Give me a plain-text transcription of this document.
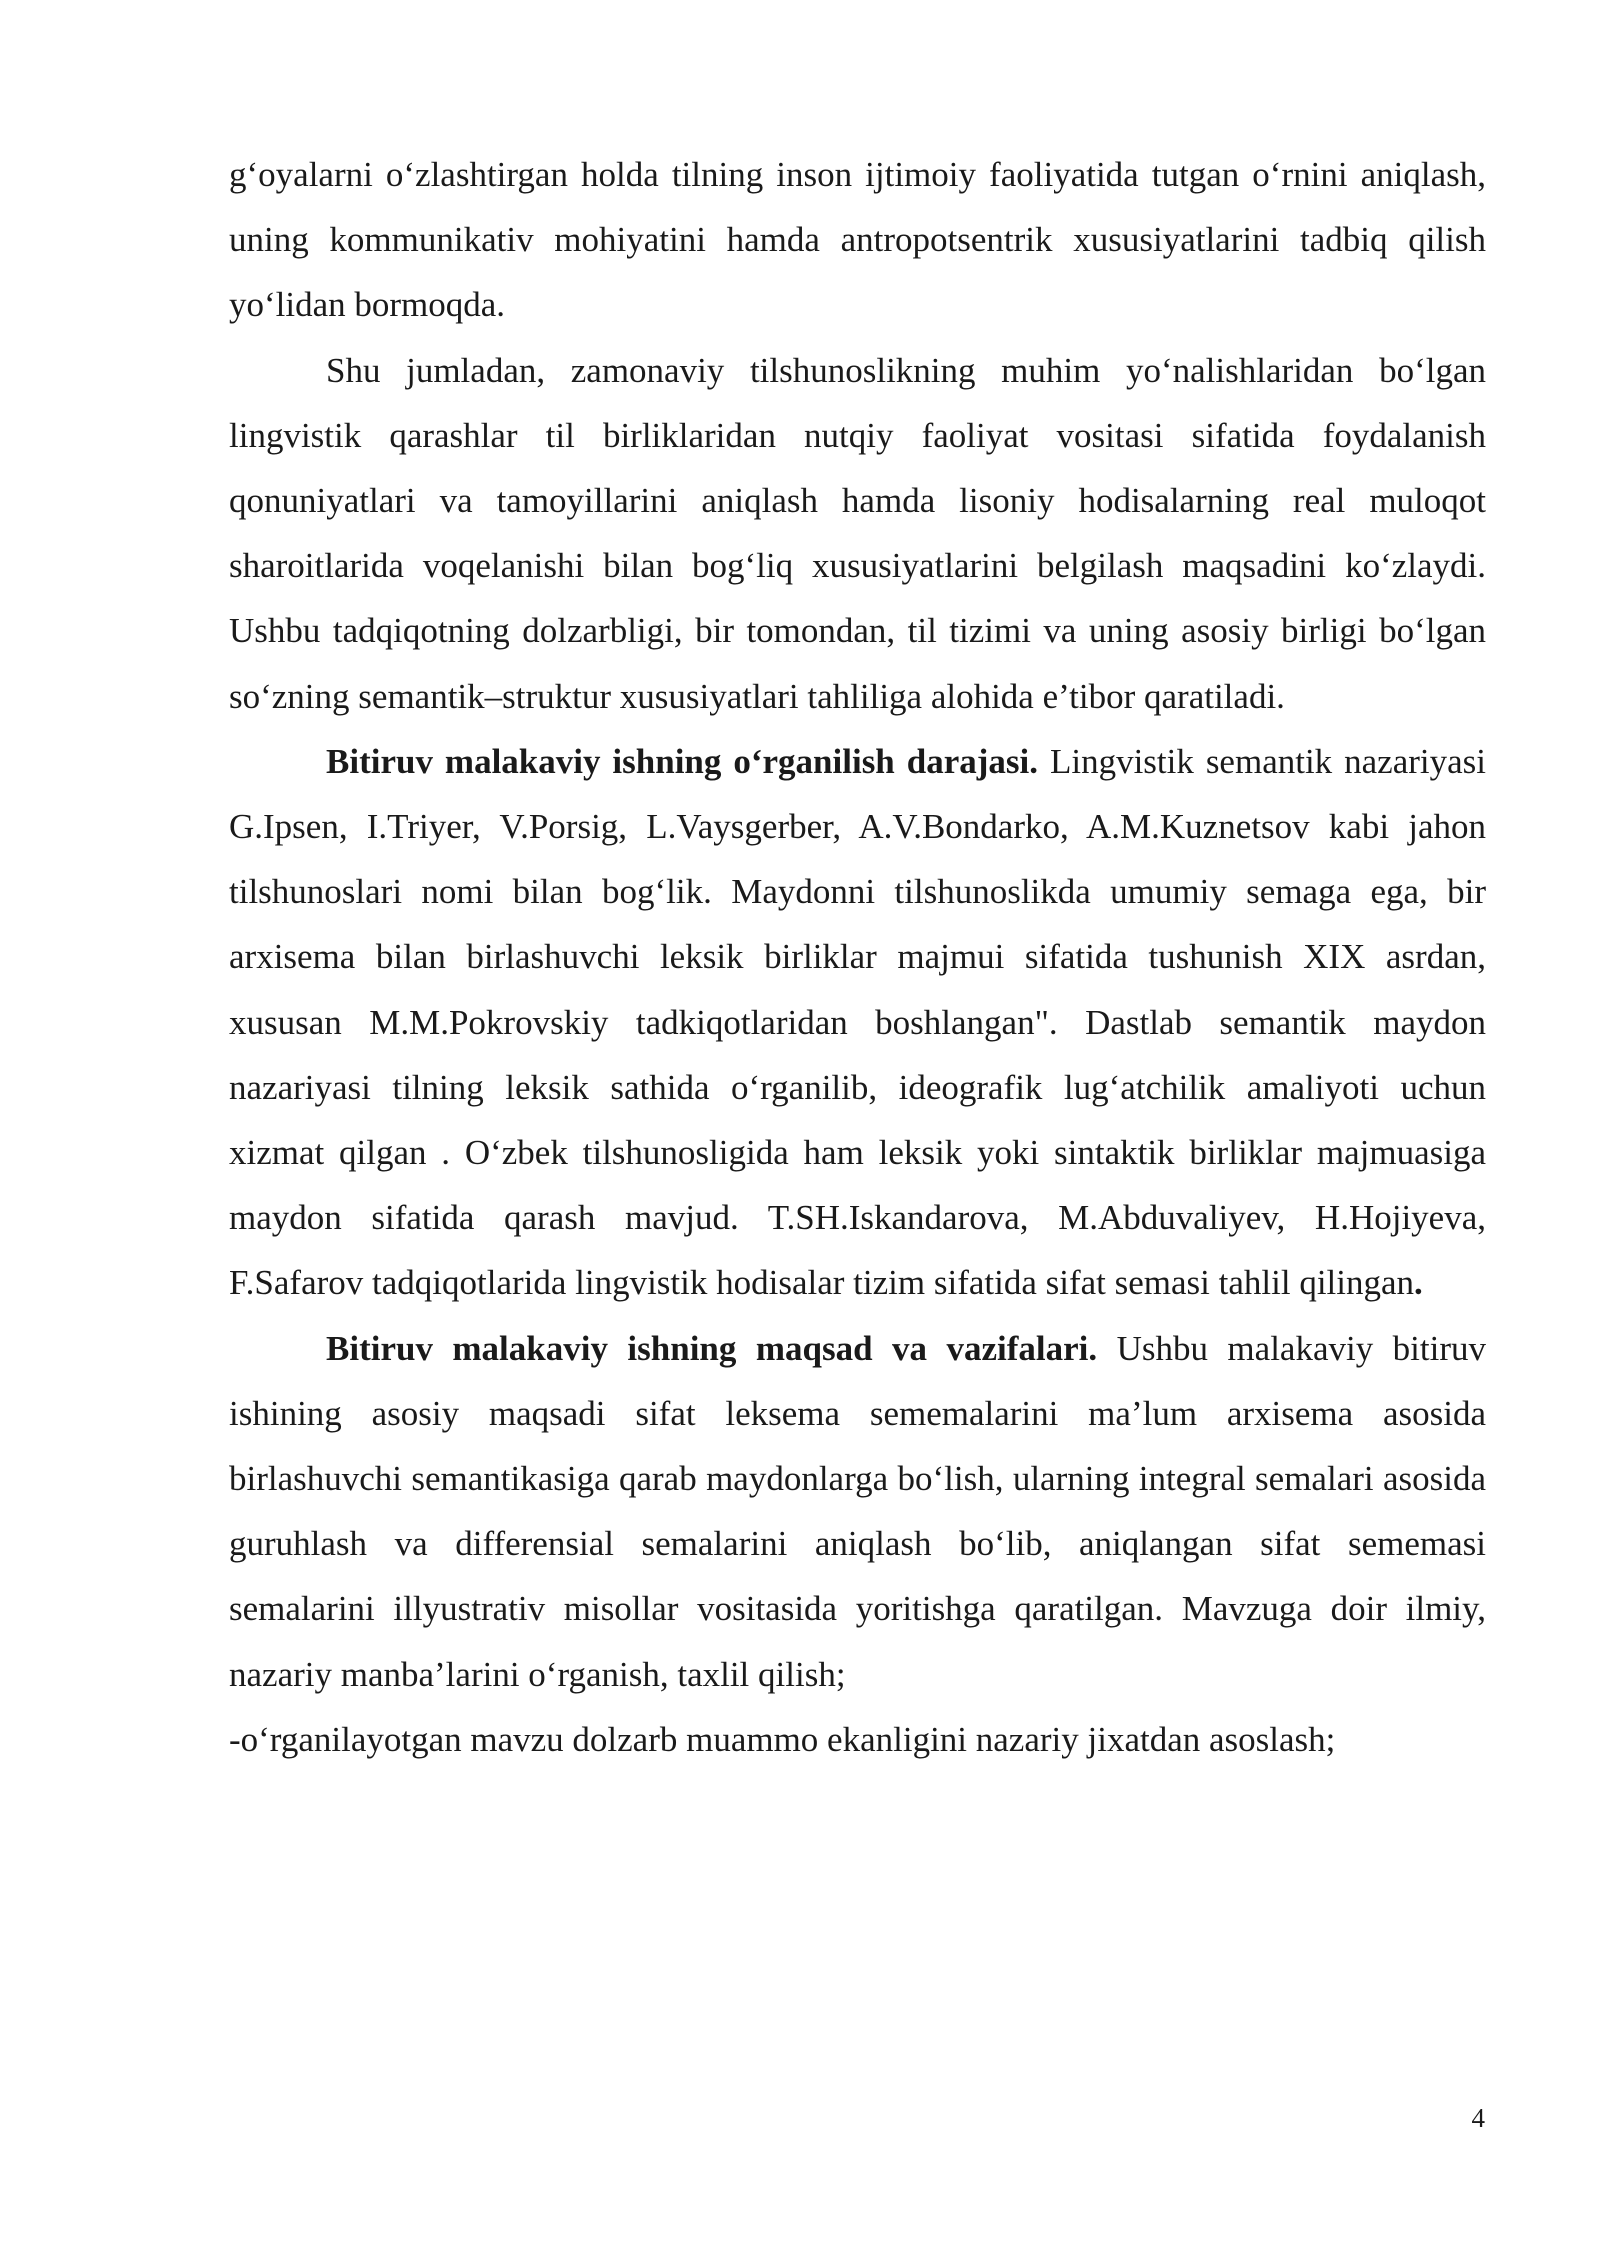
g‘oyalarni o‘zlashtirgan holda tilning inson ijtimoiy faoliyatida tutgan o‘rnini aniqlash, uning kommunikativ mohiyatini hamda antropotsentrik xususiyatlarini tadbiq qilish yo‘lidan bormoqda.

Shu jumladan, zamonaviy tilshunoslikning muhim yo‘nalishlaridan bo‘lgan lingvistik qarashlar til birliklaridan nutqiy faoliyat vositasi sifatida foydalanish qonuniyatlari va tamoyillarini aniqlash hamda lisoniy hodisalarning real muloqot sharoitlarida voqelanishi bilan bog‘liq xususiyatlarini belgilash maqsadini ko‘zlaydi. Ushbu tadqiqotning dolzarbligi, bir tomondan, til tizimi va uning asosiy birligi bo‘lgan so‘zning semantik–struktur xususiyatlari tahliliga alohida e’tibor qaratiladi.

Bitiruv malakaviy ishning o‘rganilish darajasi. Lingvistik semantik nazariyasi G.Ipsen, I.Triyer, V.Porsig, L.Vaysgerber, A.V.Bondarko, A.M.Kuznetsov kabi jahon tilshunoslari nomi bilan bog‘lik. Maydonni tilshunoslikda umumiy semaga ega, bir arxisema bilan birlashuvchi leksik birliklar majmui sifatida tushunish XIX asrdan, xususan M.M.Pokrovskiy tadkiqotlaridan boshlangan". Dastlab semantik maydon nazariyasi tilning leksik sathida o‘rganilib, ideografik lug‘atchilik amaliyoti uchun xizmat qilgan . O‘zbek tilshunosligida ham leksik yoki sintaktik birliklar majmuasiga maydon sifatida qarash mavjud. T.SH.Iskandarova, M.Abduvaliyev, H.Hojiyeva, F.Safarov tadqiqotlarida lingvistik hodisalar tizim sifatida sifat semasi tahlil qilingan.

Bitiruv malakaviy ishning maqsad va vazifalari. Ushbu malakaviy bitiruv ishining asosiy maqsadi sifat leksema sememalarini ma’lum arxisema asosida birlashuvchi semantikasiga qarab maydonlarga bo‘lish, ularning integral semalari asosida guruhlash va differensial semalarini aniqlash bo‘lib, aniqlangan sifat sememasi semalarini illyustrativ misollar vositasida yoritishga qaratilgan. Mavzuga doir ilmiy, nazariy manba’larini o‘rganish, taxlil qilish;

-o‘rganilayotgan mavzu dolzarb muammo ekanligini nazariy jixatdan asoslash;

4
